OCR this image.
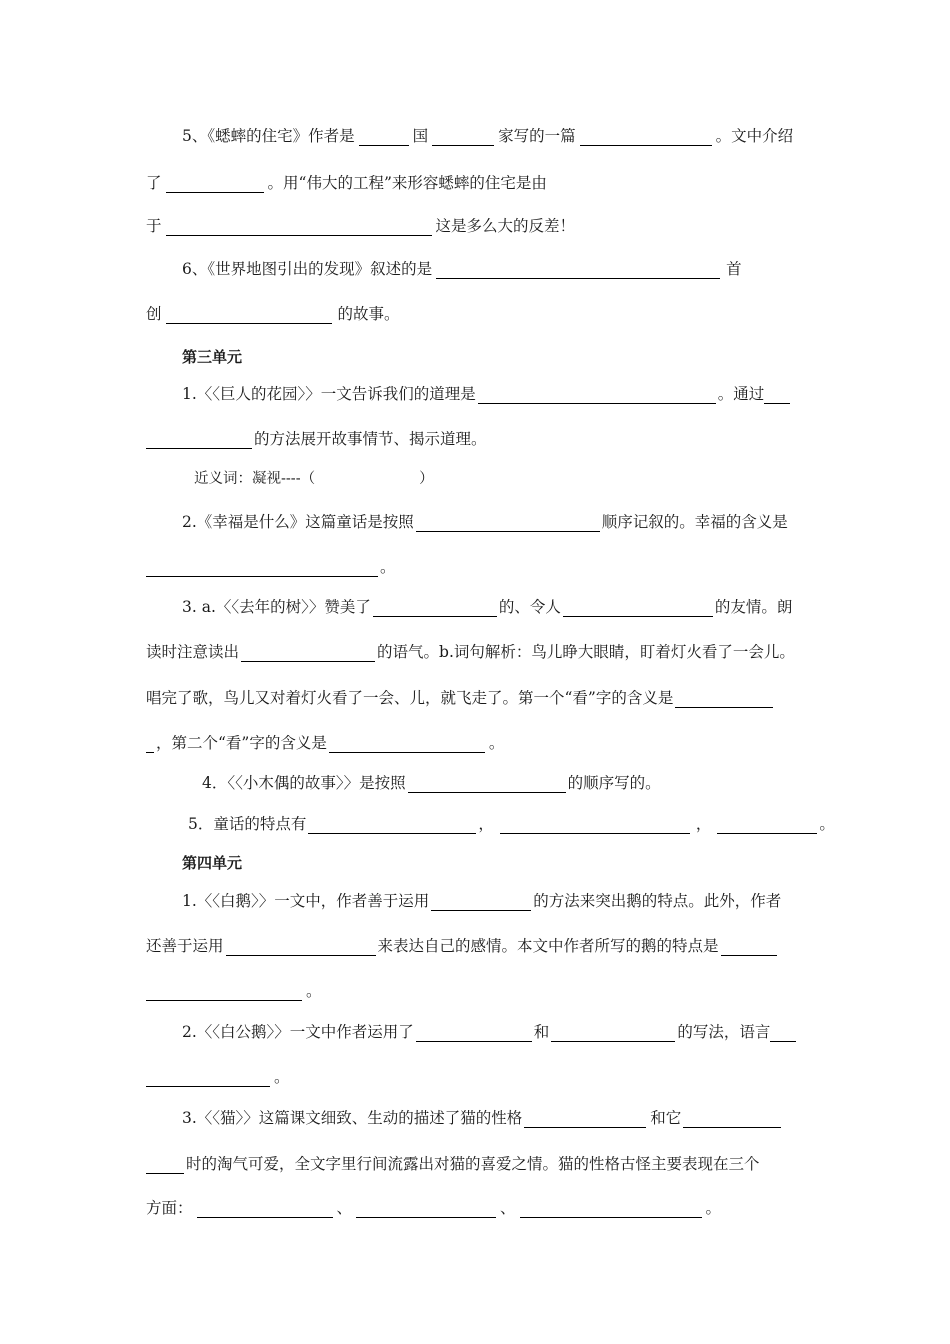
5、《蟋蟀的住宅》作者是	国	家写的一篇	。文中介绍
了	。用“伟大的工程”来形容蟋蟀的住宅是由
于	这是多么大的反差！
6、《世界地图引出的发现》叙述的是	首
创	的故事。
第三单元
1.〈〈巨人的花园〉〉一文告诉我们的道理是	。通过
的方法展开故事情节、揭示道理。
近义词：凝视----（	）
2.《幸福是什么》这篇童话是按照	顺序记叙的。幸福的含义是
。
3. a.〈〈去年的树〉〉赞美了	的、令人	的友情。朗
读时注意读出	的语气。b.词句解析：鸟儿睁大眼睛，盯着灯火看了一会儿。
唱完了歌，鸟儿又对着灯火看了一会、儿，就飞走了。第一个“看”字的含义是
，第二个“看”字的含义是	。
4．〈〈小木偶的故事〉〉是按照	的顺序写的。
5．童话的特点有	，	，	。
第四单元
1.〈〈白鹅〉〉一文中，作者善于运用	的方法来突出鹅的特点。此外，作者
还善于运用	来表达自己的感情。本文中作者所写的鹅的特点是
。
2.〈〈白公鹅〉〉一文中作者运用了	和	的写法，语言
。
3.〈〈猫〉〉这篇课文细致、生动的描述了猫的性格	和它
时的淘气可爱，全文字里行间流露出对猫的喜爱之情。猫的性格古怪主要表现在三个
方面：	、	、	。
